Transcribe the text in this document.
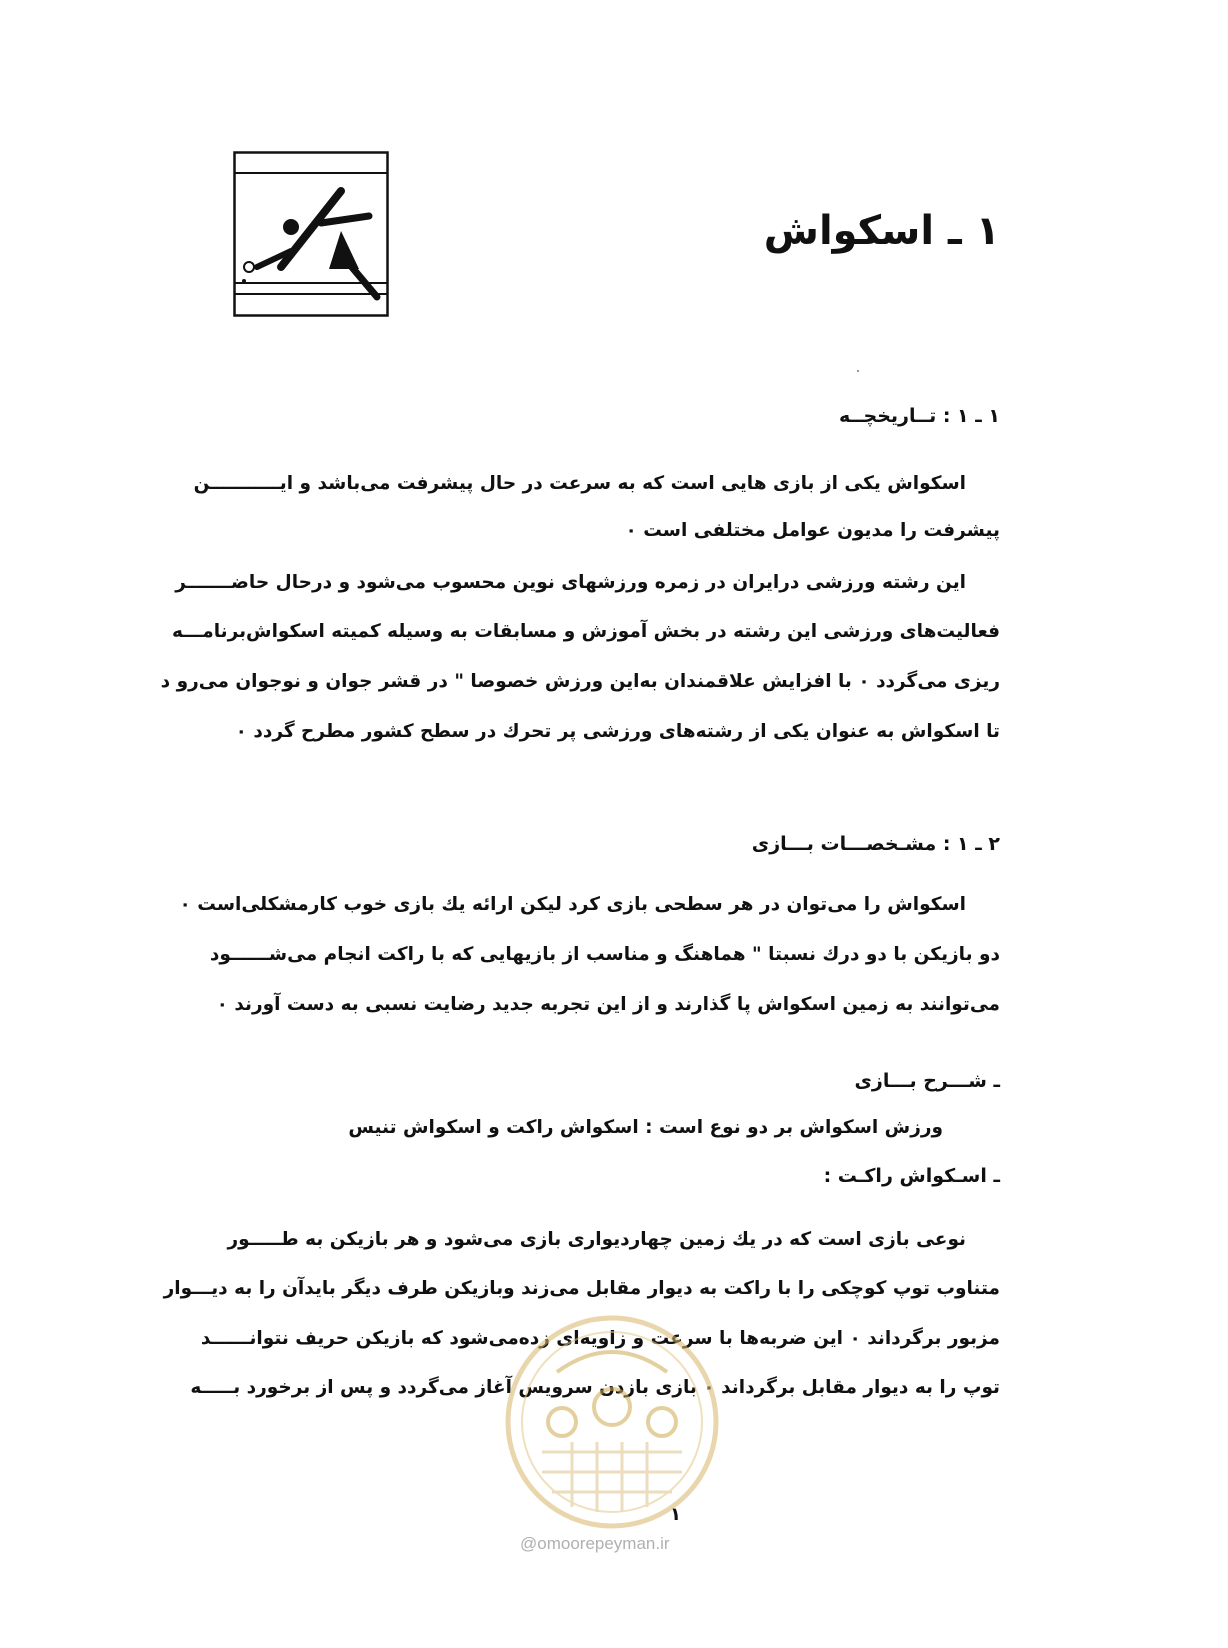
۱ ـ اسکواش
۱ ـ ۱ : تــاریخچــه
اسکواش یکی از بازی هایی است که به سرعت در حال پیشرفت می‌باشد و ایـــــــــــن
پیشرفت را مدیون عوامل مختلفی است ۰
این رشته ورزشی درایران در زمره ورزشهای نوین محسوب می‌شود و درحال حاضـــــــر
فعالیت‌های ورزشی این رشته در بخش آموزش و مسابقات به وسیله کمیته اسکواش‌برنامـــه
ریزی می‌گردد ۰ با افزایش علاقمندان به‌این ورزش خصوصا " در قشر جوان و نوجوان می‌رو د
تا اسکواش به عنوان یکی از رشته‌های ورزشی پر تحرك در سطح کشور مطرح گردد ۰
۲ ـ ۱ : مشـخصـــات بـــازی
اسکواش را می‌توان در هر سطحی بازی کرد لیکن ارائه یك بازی خوب کارمشکلی‌است ۰
دو بازیکن با دو درك نسبتا " هماهنگ و مناسب از بازیهایی که با راکت انجام می‌شــــــود
می‌توانند به زمین اسکواش پا گذارند و از این تجربه جدید رضایت نسبی به دست آورند ۰
ـ شـــرح بـــازی
ورزش اسکواش بر دو نوع است : اسکواش راکت و اسکواش تنیس
ـ اسـکواش راکـت :
نوعی بازی است که در یك زمین چهاردیواری بازی می‌شود و هر بازیکن به طـــــور
متناوب توپ کوچکی را با راکت به دیوار مقابل می‌زند وبازیکن طرف دیگر باید‌آن را به دیـــوار
مزبور برگرداند ۰ این ضربه‌ها با سرعت و زاویه‌ای زده‌می‌شود که بازیکن حریف نتوانــــــد
توپ را به دیوار مقابل برگرداند ۰ بازی بازدن سرویس آغاز می‌گردد و پس از برخورد بـــــه
۱
@omoorepeyman.ir
